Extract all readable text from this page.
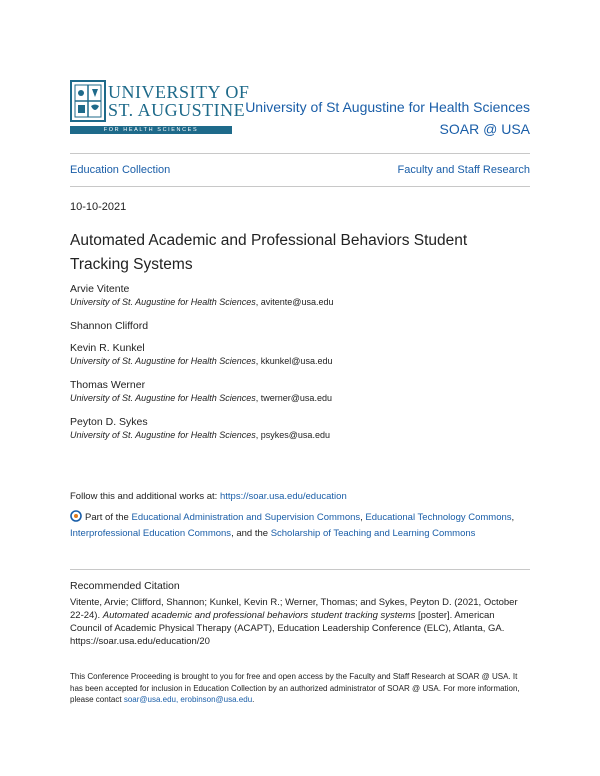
UNIVERSITY OF
ST. AUGUSTINE
FOR HEALTH SCIENCES
University of St Augustine for Health Sciences
SOAR @ USA
Education Collection	Faculty and Staff Research
10-10-2021
Automated Academic and Professional Behaviors Student Tracking Systems
Arvie Vitente
University of St. Augustine for Health Sciences, avitente@usa.edu
Shannon Clifford
Kevin R. Kunkel
University of St. Augustine for Health Sciences, kkunkel@usa.edu
Thomas Werner
University of St. Augustine for Health Sciences, twerner@usa.edu
Peyton D. Sykes
University of St. Augustine for Health Sciences, psykes@usa.edu
Follow this and additional works at: https://soar.usa.edu/education
Part of the Educational Administration and Supervision Commons, Educational Technology Commons, Interprofessional Education Commons, and the Scholarship of Teaching and Learning Commons
Recommended Citation
Vitente, Arvie; Clifford, Shannon; Kunkel, Kevin R.; Werner, Thomas; and Sykes, Peyton D. (2021, October 22-24). Automated academic and professional behaviors student tracking systems [poster]. American Council of Academic Physical Therapy (ACAPT), Education Leadership Conference (ELC), Atlanta, GA. https://soar.usa.edu/education/20
This Conference Proceeding is brought to you for free and open access by the Faculty and Staff Research at SOAR @ USA. It has been accepted for inclusion in Education Collection by an authorized administrator of SOAR @ USA. For more information, please contact soar@usa.edu, erobinson@usa.edu.
